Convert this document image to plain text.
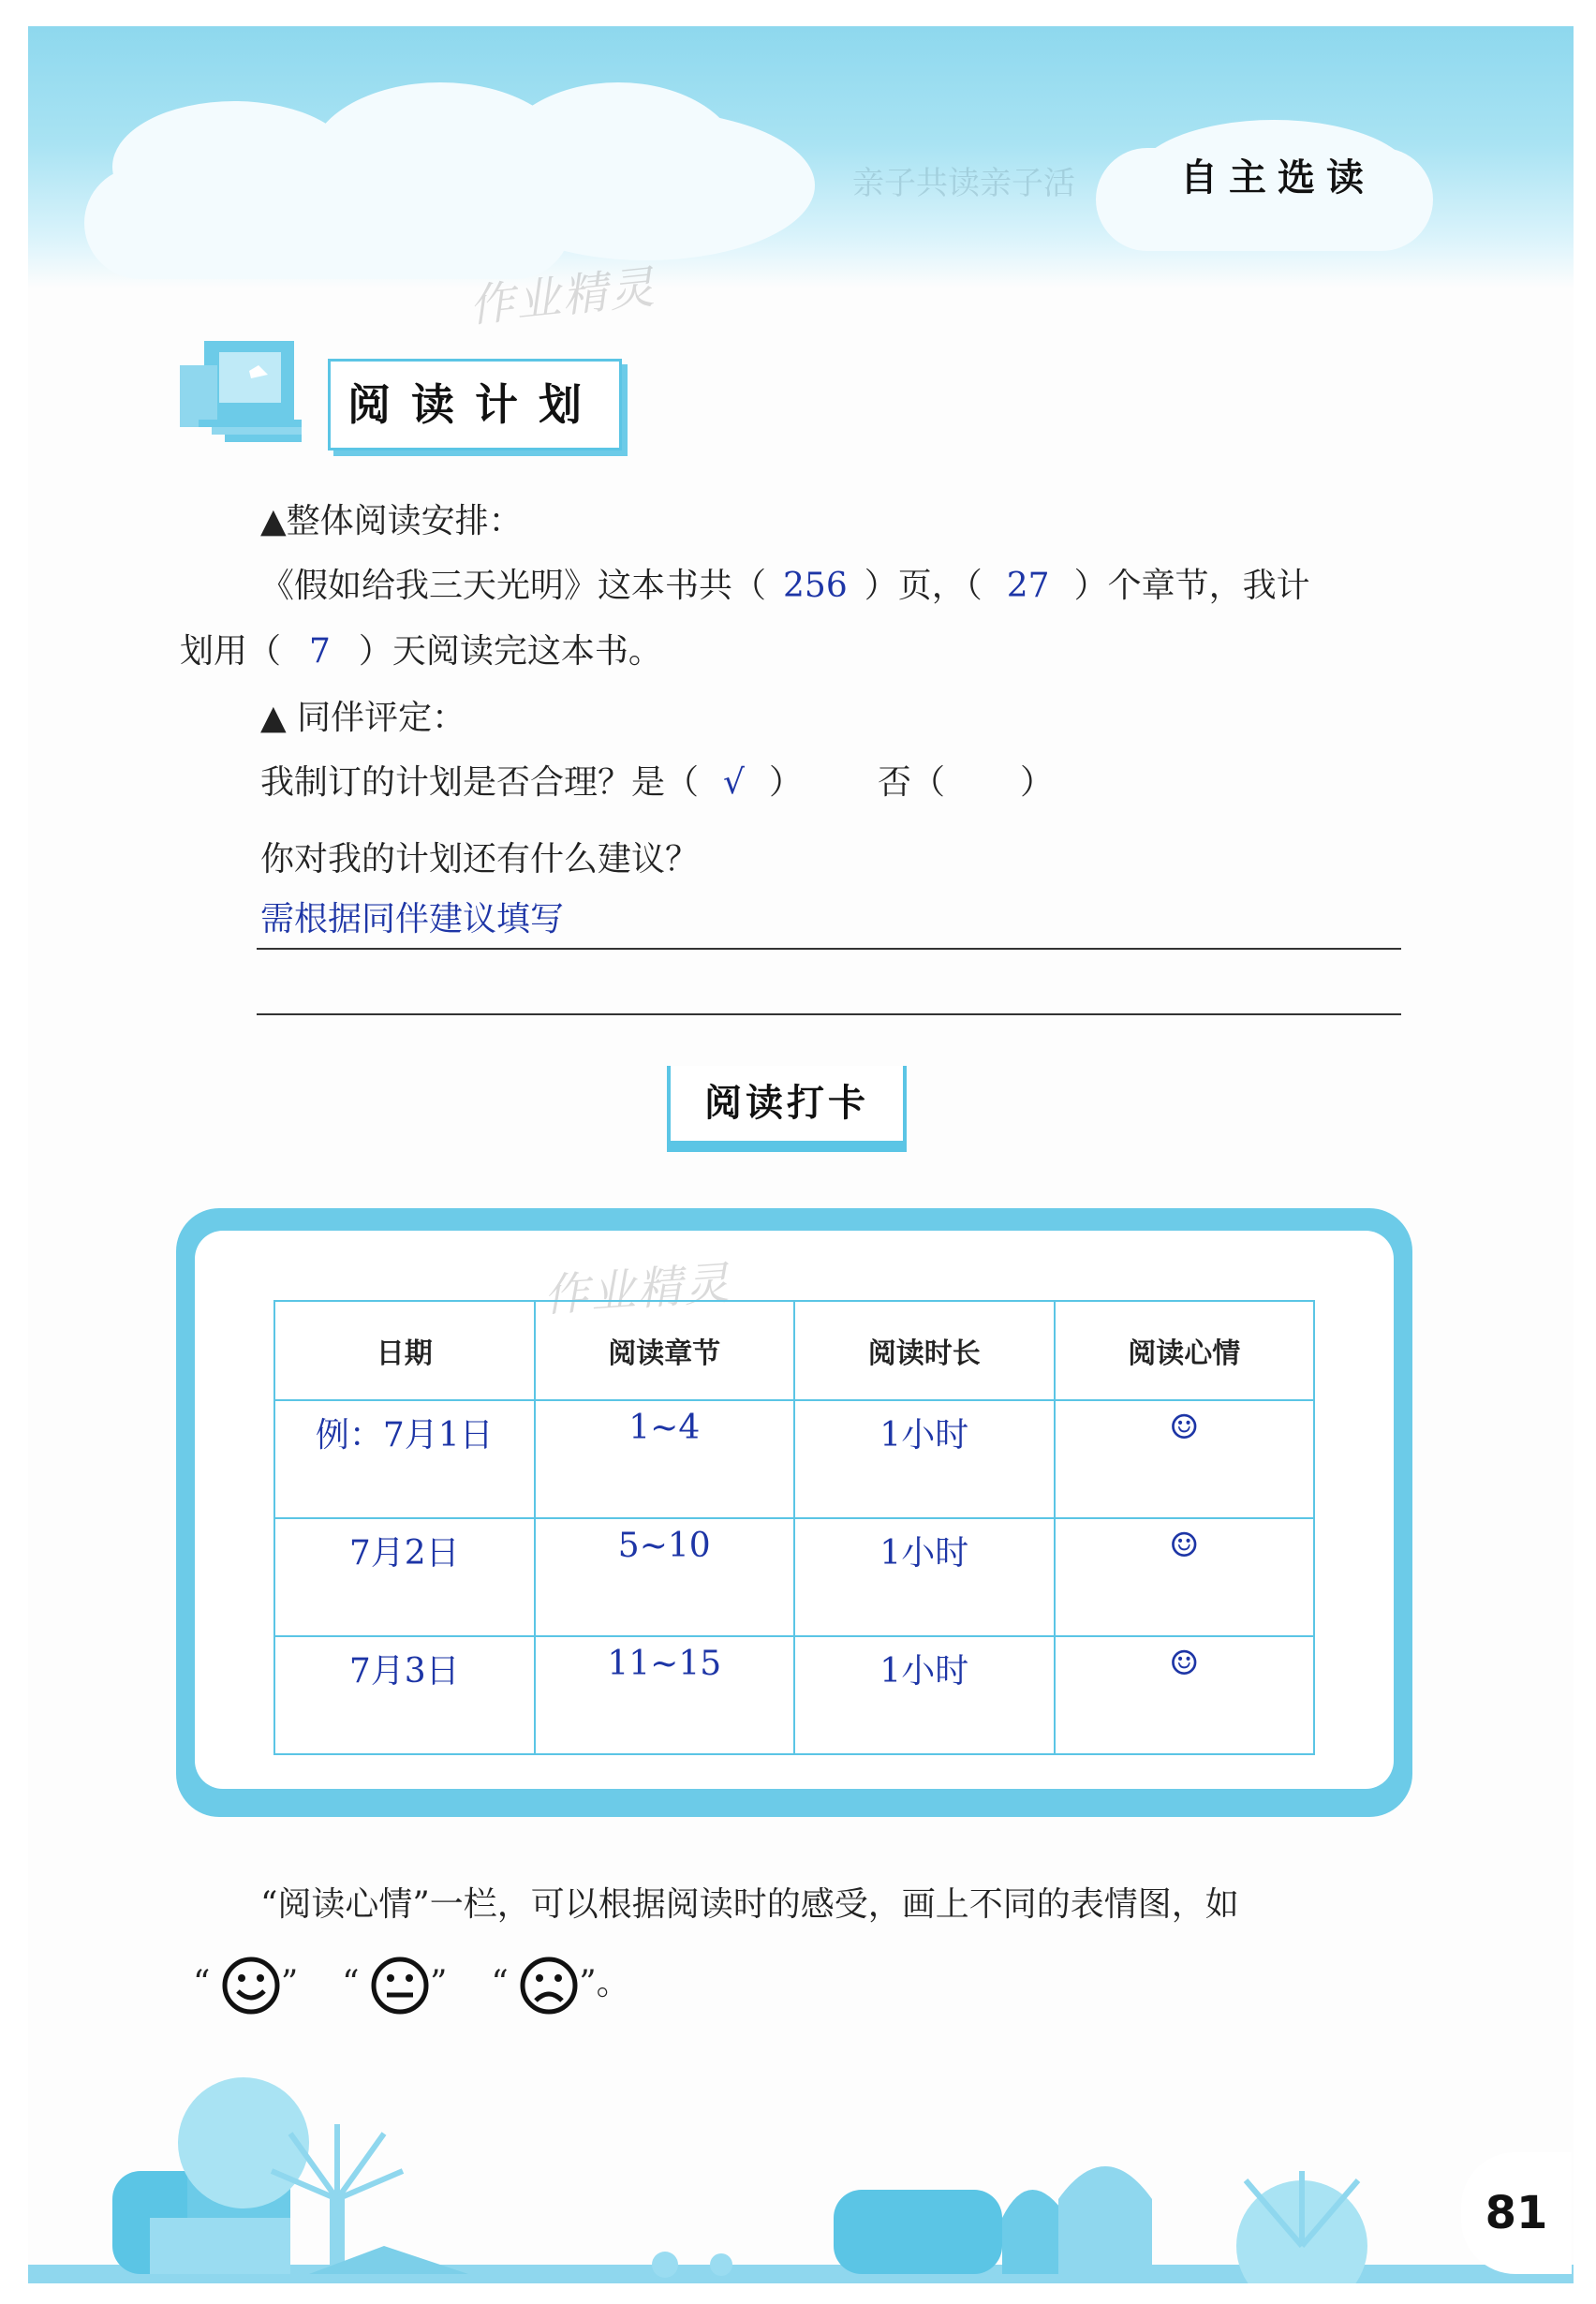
亲子共读亲子活	自主选读
作业精灵
阅读计划
▲整体阅读安排：
《假如给我三天光明》这本书共（ 256 ）页，（ 27 ）个章节，我计
划用（ 7 ）天阅读完这本书。
▲ 同伴评定：
我制订的计划是否合理？是（ √ ） 否（ ）
你对我的计划还有什么建议？
需根据同伴建议填写
阅读打卡
作业精灵
日期	阅读章节	阅读时长	阅读心情
例：7月1日	1~4	1小时	☺
7月2日	5~10	1小时	☺
7月3日	11~15	1小时	☺
“阅读心情”一栏，可以根据阅读时的感受，画上不同的表情图，如
“ ” “ ” “ ”。
81
